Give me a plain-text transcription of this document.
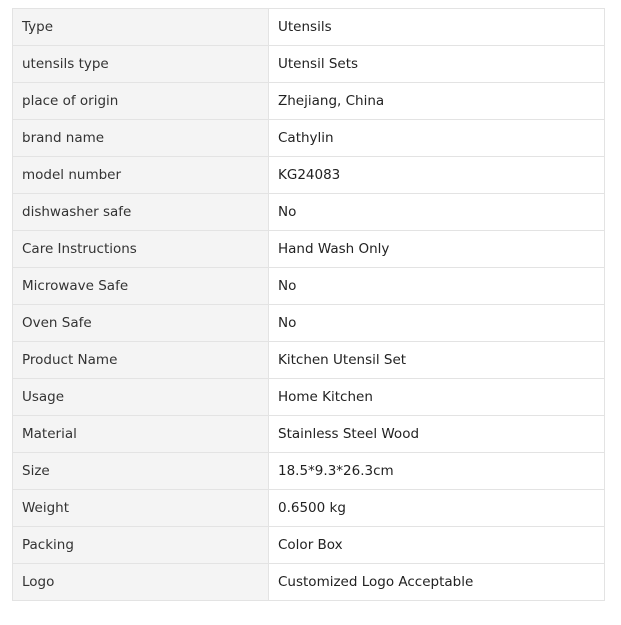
Type	Utensils
utensils type	Utensil Sets
place of origin	Zhejiang, China
brand name	Cathylin
model number	KG24083
dishwasher safe	No
Care Instructions	Hand Wash Only
Microwave Safe	No
Oven Safe	No
Product Name	Kitchen Utensil Set
Usage	Home Kitchen
Material	Stainless Steel Wood
Size	18.5*9.3*26.3cm
Weight	0.6500 kg
Packing	Color Box
Logo	Customized Logo Acceptable
